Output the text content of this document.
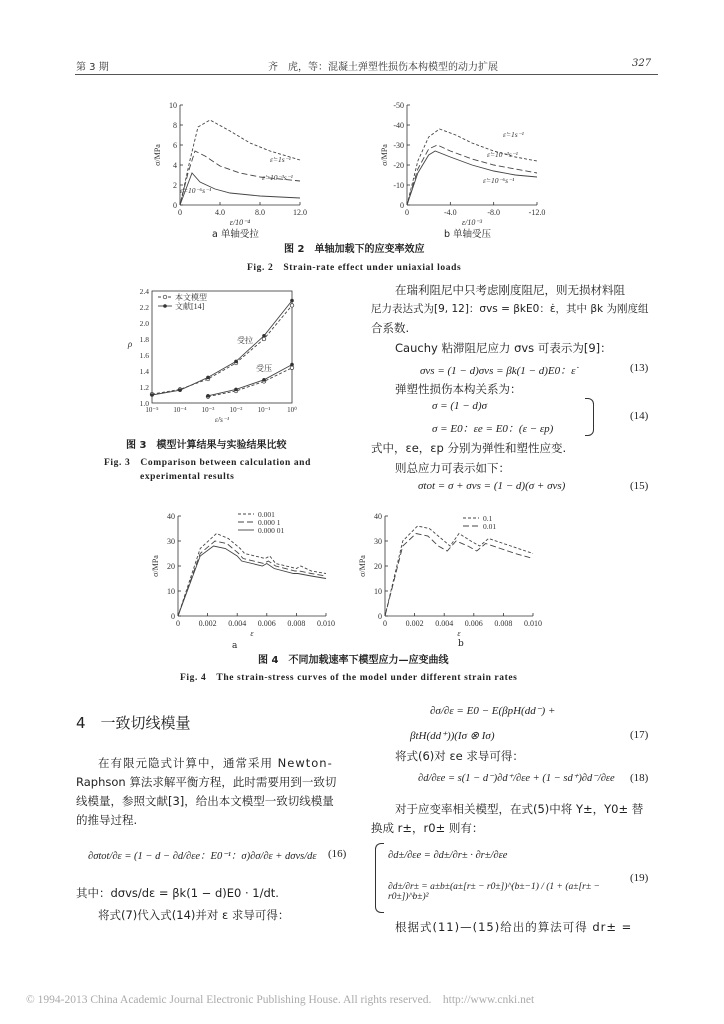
第 3 期	齐　虎，等：混凝土弹塑性损伤本构模型的动力扩展	327
0
2
4
6
8
10
0	4.0	8.0	12.0
ε/10⁻⁴
σ/MPa	ε̇=1s⁻¹
ε̇=10⁻³s⁻¹
ε̇=10⁻⁶s⁻¹
a 单轴受拉
0
-10
-20
-30
-40
-50
0	-4.0	-8.0	-12.0
ε/10⁻³
σ/MPa
ε̇=1s⁻¹
ε̇=10⁻³s⁻¹
ε̇=10⁻⁶s⁻¹
b 单轴受压
图 2　单轴加载下的应变率效应
Fig. 2　Strain-rate effect under uniaxial loads
1.0
1.2
1.4
1.6
1.8
2.0
2.2
2.4
10⁻⁵ 10⁻⁴ 10⁻³ 10⁻² 10⁻¹ 10⁰
ε̇/s⁻¹
ρ
本文模型
文献[14]
受拉
受压
图 3　模型计算结果与实验结果比较
Fig. 3　Comparison between calculation and
experimental results
在瑞利阻尼中只考虑刚度阻尼，则无损材料阻
尼力表达式为[9, 12]：σvs = βkE0：ε̇，其中 βk 为刚度组
合系数.
Cauchy 粘滞阻尼应力 σvs 可表示为[9]：
σvs = (1 − d)σvs = βk(1 − d)E0：ε̇	(13)
弹塑性损伤本构关系为：
σ = (1 − d)σ
σ = E0：εe = E0：(ε − εp)
(14)
式中，εe，εp 分别为弹性和塑性应变.
则总应力可表示如下：
σtot = σ + σvs = (1 − d)(σ + σvs)	(15)
0
10
20
30
40
0 0.002 0.004 0.006 0.008 0.010
ε
σ/MPa
0.001
0.000 1
0.000 01
a
0
10
20
30
40
0 0.002 0.004 0.006 0.008 0.010
ε
σ/MPa
0.1
0.01
b
图 4　不同加载速率下模型应力—应变曲线
Fig. 4　The strain-stress curves of the model under different strain rates
4　一致切线模量
在有限元隐式计算中，通常采用 Newton-
Raphson 算法求解平衡方程，此时需要用到一致切
线模量，参照文献[3]，给出本文模型一致切线模量
的推导过程.
∂σtot/∂ε = (1 − d − ∂d/∂εe：E0⁻¹：σ)∂σ/∂ε + dσvs/dε (16)
其中：dσvs/dε = βk(1 − d)E0 · 1/dt.
将式(7)代入式(14)并对 ε 求导可得：
∂σ/∂ε = E0 − E(βpH(dd⁻) +
βtH(dd⁺))(Iσ ⊗ Iσ)	(17)
将式(6)对 εe 求导可得：
∂d/∂εe = s(1 − d⁻)∂d⁺/∂εe + (1 − sd⁺)∂d⁻/∂εe (18)
对于应变率相关模型，在式(5)中将 Y±，Y0± 替
换成 r±，r0± 则有：
∂d±/∂εe = ∂d±/∂r± · ∂r±/∂εe
∂d±/∂r± = a±b±(a±[r± − r0±])^(b±−1) / (1 + (a±[r± − r0±])^b±)²
(19)
根据式(11)—(15)给出的算法可得 dr± =
© 1994-2013 China Academic Journal Electronic Publishing House. All rights reserved.　http://www.cnki.net
